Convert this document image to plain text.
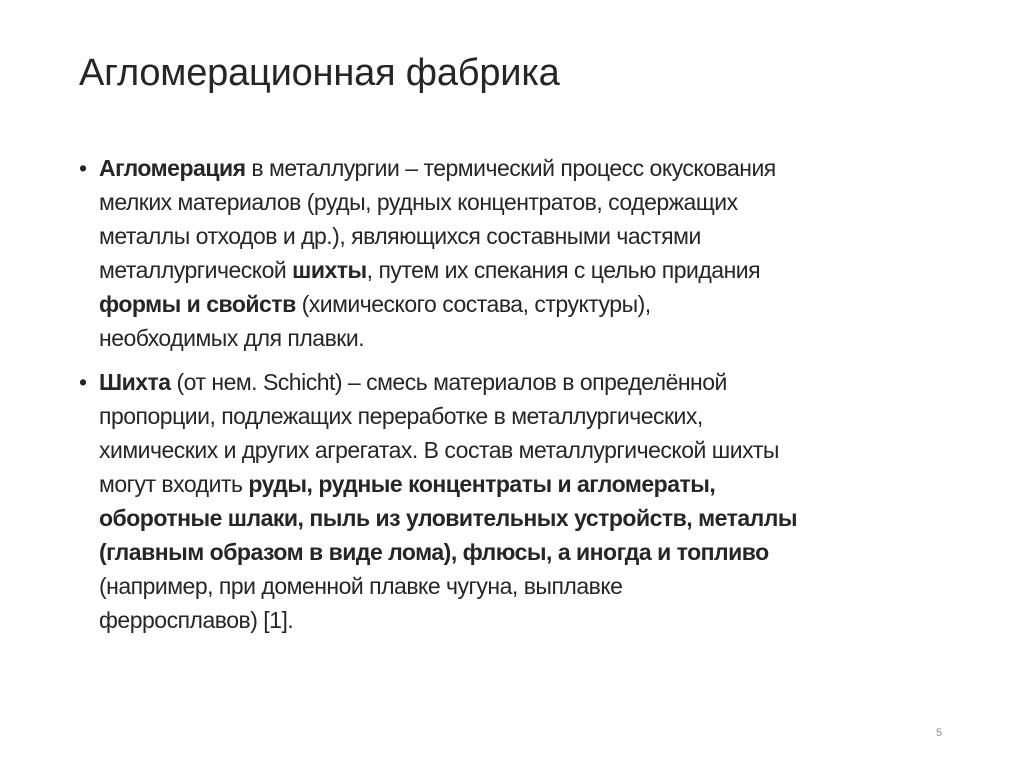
Агломерационная фабрика
• Агломерация в металлургии – термический процесс окускования
мелких материалов (руды, рудных концентратов, содержащих
металлы отходов и др.), являющихся составными частями
металлургической шихты, путем их спекания с целью придания
формы и свойств (химического состава, структуры),
необходимых для плавки.
• Шихта (от нем. Schicht) – смесь материалов в определённой
пропорции, подлежащих переработке в металлургических,
химических и других агрегатах. В состав металлургической шихты
могут входить руды, рудные концентраты и агломераты,
оборотные шлаки, пыль из уловительных устройств, металлы
(главным образом в виде лома), флюсы, а иногда и топливо
(например, при доменной плавке чугуна, выплавке
ферросплавов) [1].
5
